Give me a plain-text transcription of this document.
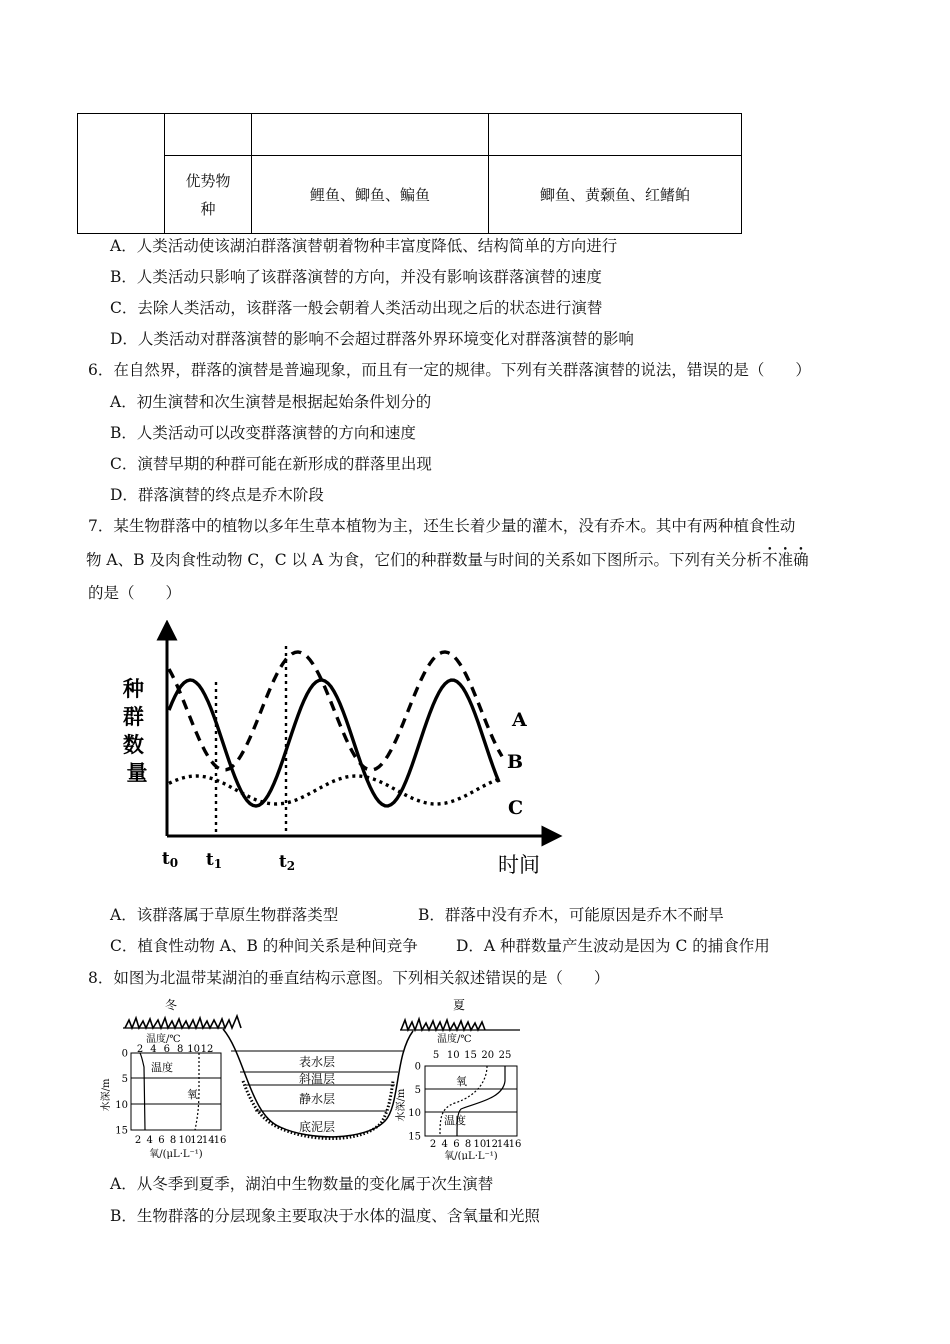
	优势物
种	鲤鱼、鲫鱼、鳊鱼	鲫鱼、黄颡鱼、红鳍鲌
A．人类活动使该湖泊群落演替朝着物种丰富度降低、结构简单的方向进行
B．人类活动只影响了该群落演替的方向，并没有影响该群落演替的速度
C．去除人类活动，该群落一般会朝着人类活动出现之后的状态进行演替
D．人类活动对群落演替的影响不会超过群落外界环境变化对群落演替的影响
6．在自然界，群落的演替是普遍现象，而且有一定的规律。下列有关群落演替的说法，错误的是（　　）
A．初生演替和次生演替是根据起始条件划分的
B．人类活动可以改变群落演替的方向和速度
C．演替早期的种群可能在新形成的群落里出现
D．群落演替的终点是乔木阶段
7．某生物群落中的植物以多年生草本植物为主，还生长着少量的灌木，没有乔木。其中有两种植食性动
物 A、B 及肉食性动物 C，C 以 A 为食，它们的种群数量与时间的关系如下图所示。下列有关分析不准确
的是（　　）
种 群 数 量
时间
t0 t1	t2
A
B
C
A．该群落属于草原生物群落类型	B．群落中没有乔木，可能原因是乔木不耐旱
C．植食性动物 A、B 的种间关系是种间竞争 D．A 种群数量产生波动是因为 C 的捕食作用
8．如图为北温带某湖泊的垂直结构示意图。下列相关叙述错误的是（　　）
冬	夏
表水层
斜温层
静水层
底泥层
温度/℃
2 4 6 8 10 12
温度
氧
0
5
10
15
水深/m
2 4 6 8 10
12
14
16
氧/(μL·L⁻¹)
温度/℃
5 10 15 20 25
氧
温度
0
5
10
15
水深/m
2 4 6 8 10
12
14
16
氧/(μL·L⁻¹)
A．从冬季到夏季，湖泊中生物数量的变化属于次生演替
B．生物群落的分层现象主要取决于水体的温度、含氧量和光照
